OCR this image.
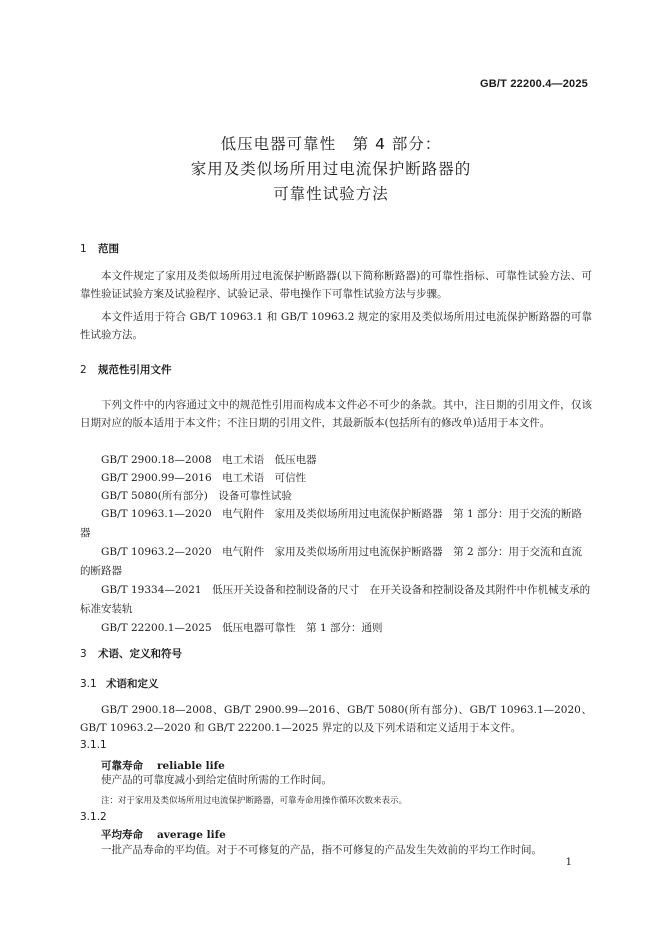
GB/T 22200.4—2025
低压电器可靠性　第 4 部分：
家用及类似场所用过电流保护断路器的
可靠性试验方法
1 范围
本文件规定了家用及类似场所用过电流保护断路器(以下简称断路器)的可靠性指标、可靠性试验方法、可靠性验证试验方案及试验程序、试验记录、带电操作下可靠性试验方法与步骤。
本文件适用于符合 GB/T 10963.1 和 GB/T 10963.2 规定的家用及类似场所用过电流保护断路器的可靠性试验方法。
2 规范性引用文件
下列文件中的内容通过文中的规范性引用而构成本文件必不可少的条款。其中，注日期的引用文件，仅该日期对应的版本适用于本文件；不注日期的引用文件，其最新版本(包括所有的修改单)适用于本文件。
GB/T 2900.18—2008　电工术语　低压电器
GB/T 2900.99—2016　电工术语　可信性
GB/T 5080(所有部分)　设备可靠性试验
GB/T 10963.1—2020　电气附件　家用及类似场所用过电流保护断路器　第 1 部分：用于交流的断路器
GB/T 10963.2—2020　电气附件　家用及类似场所用过电流保护断路器　第 2 部分：用于交流和直流的断路器
GB/T 19334—2021　低压开关设备和控制设备的尺寸　在开关设备和控制设备及其附件中作机械支承的标准安装轨
GB/T 22200.1—2025　低压电器可靠性　第 1 部分：通则
3 术语、定义和符号
3.1 术语和定义
GB/T 2900.18—2008、GB/T 2900.99—2016、GB/T 5080(所有部分)、GB/T 10963.1—2020、GB/T 10963.2—2020 和 GB/T 22200.1—2025 界定的以及下列术语和定义适用于本文件。
3.1.1
可靠寿命 reliable life
使产品的可靠度减小到给定值时所需的工作时间。
注：对于家用及类似场所用过电流保护断路器，可靠寿命用操作循环次数来表示。
3.1.2
平均寿命 average life
一批产品寿命的平均值。对于不可修复的产品，指不可修复的产品发生失效前的平均工作时间。
1
